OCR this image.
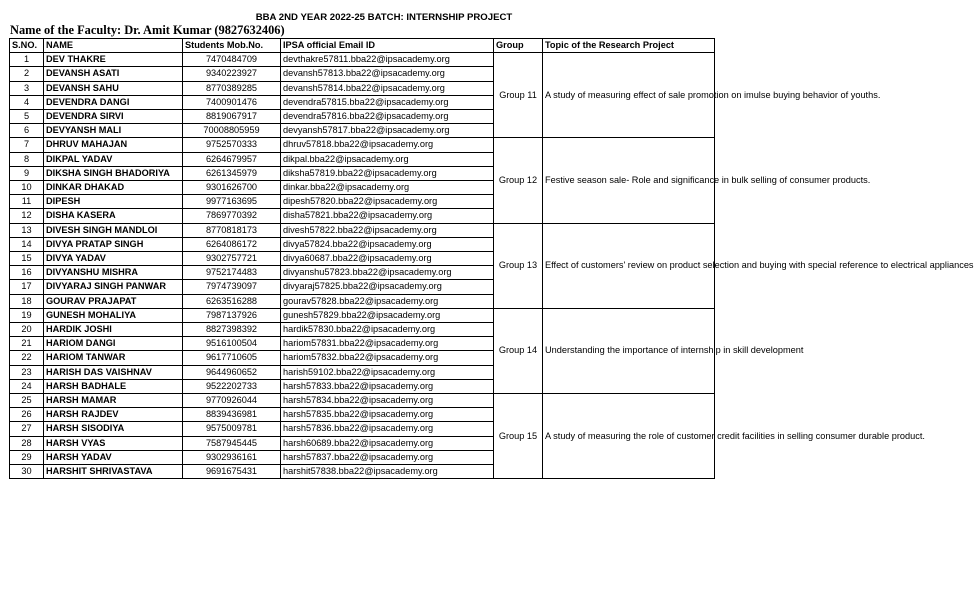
BBA 2ND YEAR 2022-25 BATCH: INTERNSHIP PROJECT
Name of the Faculty: Dr. Amit Kumar (9827632406)
S.NO.	NAME	Students Mob.No.	IPSA official Email ID	Group	Topic of the Research Project
1	DEV THAKRE	7470484709	devthakre57811.bba22@ipsacademy.org	Group 11	A study of measuring effect of sale promotion on imulse buying behavior of youths.
2	DEVANSH ASATI	9340223927	devansh57813.bba22@ipsacademy.org		
3	DEVANSH SAHU	8770389285	devansh57814.bba22@ipsacademy.org		
4	DEVENDRA DANGI	7400901476	devendra57815.bba22@ipsacademy.org		
5	DEVENDRA SIRVI	8819067917	devendra57816.bba22@ipsacademy.org		
6	DEVYANSH MALI	70008805959	devyansh57817.bba22@ipsacademy.org		
7	DHRUV MAHAJAN	9752570333	dhruv57818.bba22@ipsacademy.org	Group 12	Festive season sale- Role and significance in bulk selling of consumer products.
8	DIKPAL YADAV	6264679957	dikpal.bba22@ipsacademy.org		
9	DIKSHA SINGH BHADORIYA	6261345979	diksha57819.bba22@ipsacademy.org		
10	DINKAR DHAKAD	9301626700	dinkar.bba22@ipsacademy.org		
11	DIPESH	9977163695	dipesh57820.bba22@ipsacademy.org		
12	DISHA KASERA	7869770392	disha57821.bba22@ipsacademy.org		
13	DIVESH SINGH MANDLOI	8770818173	divesh57822.bba22@ipsacademy.org	Group 13	Effect of customers' review on product selection and buying with special reference to electrical appliances
14	DIVYA PRATAP SINGH	6264086172	divya57824.bba22@ipsacademy.org		
15	DIVYA YADAV	9302757721	divya60687.bba22@ipsacademy.org		
16	DIVYANSHU MISHRA	9752174483	divyanshu57823.bba22@ipsacademy.org		
17	DIVYARAJ SINGH PANWAR	7974739097	divyaraj57825.bba22@ipsacademy.org		
18	GOURAV PRAJAPAT	6263516288	gourav57828.bba22@ipsacademy.org		
19	GUNESH MOHALIYA	7987137926	gunesh57829.bba22@ipsacademy.org	Group 14	Understanding the importance of internship in skill development
20	HARDIK JOSHI	8827398392	hardik57830.bba22@ipsacademy.org		
21	HARIOM DANGI	9516100504	hariom57831.bba22@ipsacademy.org		
22	HARIOM TANWAR	9617710605	hariom57832.bba22@ipsacademy.org		
23	HARISH DAS VAISHNAV	9644960652	harish59102.bba22@ipsacademy.org		
24	HARSH BADHALE	9522202733	harsh57833.bba22@ipsacademy.org		
25	HARSH MAMAR	9770926044	harsh57834.bba22@ipsacademy.org	Group 15	A study of measuring the role of customer credit facilities in selling consumer durable product.
26	HARSH RAJDEV	8839436981	harsh57835.bba22@ipsacademy.org		
27	HARSH SISODIYA	9575009781	harsh57836.bba22@ipsacademy.org		
28	HARSH VYAS	7587945445	harsh60689.bba22@ipsacademy.org		
29	HARSH YADAV	9302936161	harsh57837.bba22@ipsacademy.org		
30	HARSHIT SHRIVASTAVA	9691675431	harshit57838.bba22@ipsacademy.org		
